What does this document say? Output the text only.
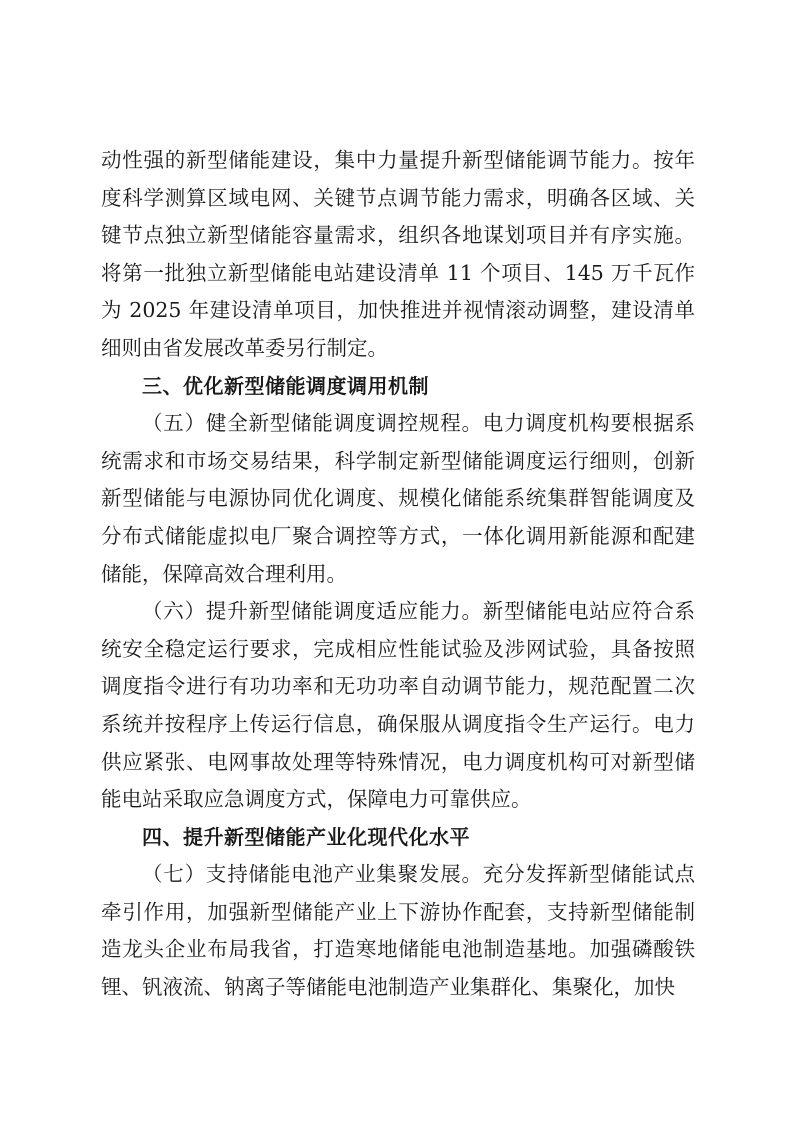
动性强的新型储能建设，集中力量提升新型储能调节能力。按年度科学测算区域电网、关键节点调节能力需求，明确各区域、关键节点独立新型储能容量需求，组织各地谋划项目并有序实施。将第一批独立新型储能电站建设清单 11 个项目、145 万千瓦作为 2025 年建设清单项目，加快推进并视情滚动调整，建设清单细则由省发展改革委另行制定。

三、优化新型储能调度调用机制

（五）健全新型储能调度调控规程。电力调度机构要根据系统需求和市场交易结果，科学制定新型储能调度运行细则，创新新型储能与电源协同优化调度、规模化储能系统集群智能调度及分布式储能虚拟电厂聚合调控等方式，一体化调用新能源和配建储能，保障高效合理利用。

（六）提升新型储能调度适应能力。新型储能电站应符合系统安全稳定运行要求，完成相应性能试验及涉网试验，具备按照调度指令进行有功功率和无功功率自动调节能力，规范配置二次系统并按程序上传运行信息，确保服从调度指令生产运行。电力供应紧张、电网事故处理等特殊情况，电力调度机构可对新型储能电站采取应急调度方式，保障电力可靠供应。

四、提升新型储能产业化现代化水平

（七）支持储能电池产业集聚发展。充分发挥新型储能试点牵引作用，加强新型储能产业上下游协作配套，支持新型储能制造龙头企业布局我省，打造寒地储能电池制造基地。加强磷酸铁锂、钒液流、钠离子等储能电池制造产业集群化、集聚化，加快
